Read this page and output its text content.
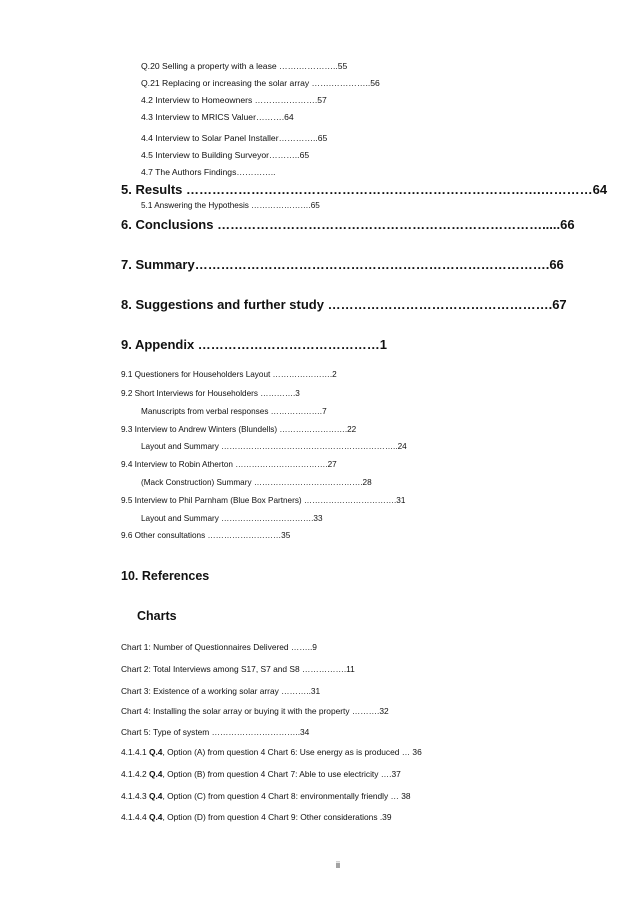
Q.20 Selling a property with a lease …….…………..55
Q.21 Replacing or increasing the solar array …….…………..56
4.2 Interview to Homeowners ………………….57
4.3 Interview to MRICS Valuer……….64
4.4 Interview to Solar Panel Installer…………..65
4.5 Interview to Building Surveyor………..65
4.7 The Authors Findings…………..
5. Results ……………………………………………………………………….…………64
5.1 Answering the Hypothesis ………………….65
6. Conclusions ………………………………………………………………….....66
7. Summary……………………………………………………………………….66
8. Suggestions and further study …………………………………………….67
9. Appendix ……………………………………1
9.1 Questioners for Householders Layout ………………….2
9.2 Short Interviews for Householders ………….3
Manuscripts from verbal responses ……………….7
9.3 Interview to Andrew Winters (Blundells) …………………….22
Layout and Summary ………………………………………………………..24
9.4 Interview to Robin Atherton …………………………….27
(Mack Construction) Summary ………………………………….28
9.5 Interview to Phil Parnham (Blue Box Partners) …………………………….31
Layout and Summary …………………………….33
9.6 Other consultations ………………………35
10. References
Charts
Chart 1: Number of Questionnaires Delivered ……..9
Chart 2: Total Interviews among S17, S7 and S8 …………….11
Chart 3: Existence of a working solar array ………..31
Chart 4: Installing the solar array or buying it with the property ……….32
Chart 5: Type of system …………………………..34
4.1.4.1 Q.4, Option (A) from question 4 Chart 6: Use energy as is produced … 36
4.1.4.2 Q.4, Option (B) from question 4 Chart 7: Able to use electricity ….37
4.1.4.3 Q.4, Option (C) from question 4 Chart 8: environmentally friendly … 38
4.1.4.4 Q.4, Option (D) from question 4 Chart 9: Other considerations .39
ii
